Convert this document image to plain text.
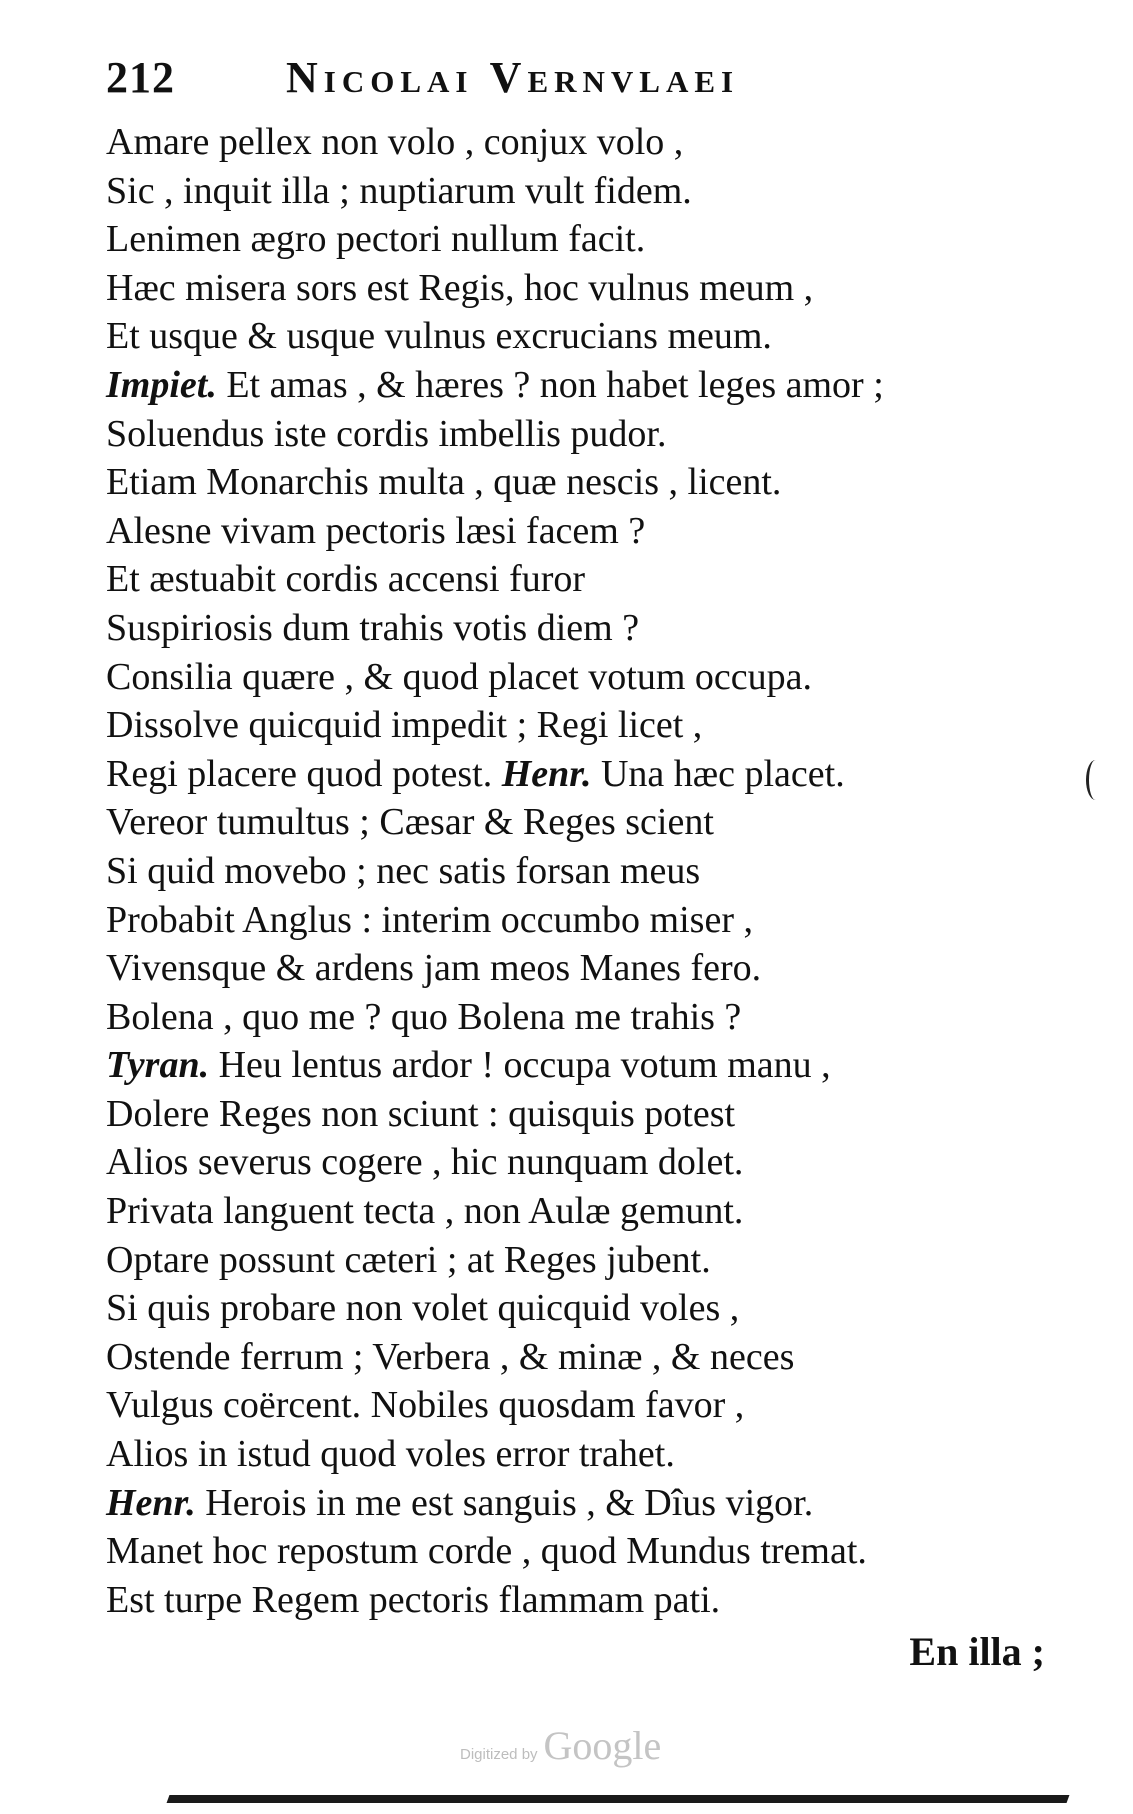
212	Nicolai Vernvlaei
Amare pellex non volo , conjux volo ,
Sic , inquit illa ; nuptiarum vult fidem.
Lenimen ægro pectori nullum facit.
Hæc misera sors est Regis, hoc vulnus meum ,
Et usque & usque vulnus excrucians meum.
Impiet. Et amas , & hæres ? non habet leges amor ;
Soluendus iste cordis imbellis pudor.
Etiam Monarchis multa , quæ nescis , licent.
Alesne vivam pectoris læsi facem ?
Et æstuabit cordis accensi furor
Suspiriosis dum trahis votis diem ?
Consilia quære , & quod placet votum occupa.
Dissolve quicquid impedit ; Regi licet ,
Regi placere quod potest. Henr. Una hæc placet.
Vereor tumultus ; Cæsar & Reges scient
Si quid movebo ; nec satis forsan meus
Probabit Anglus : interim occumbo miser ,
Vivensque & ardens jam meos Manes fero.
Bolena , quo me ? quo Bolena me trahis ?
Tyran. Heu lentus ardor ! occupa votum manu ,
Dolere Reges non sciunt : quisquis potest
Alios severus cogere , hic nunquam dolet.
Privata languent tecta , non Aulæ gemunt.
Optare possunt cæteri ; at Reges jubent.
Si quis probare non volet quicquid voles ,
Ostende ferrum ; Verbera , & minæ , & neces
Vulgus coërcent. Nobiles quosdam favor ,
Alios in istud quod voles error trahet.
Henr. Herois in me est sanguis , & Dîus vigor.
Manet hoc repostum corde , quod Mundus tremat.
Est turpe Regem pectoris flammam pati.
En illa ;
Digitized by Google
